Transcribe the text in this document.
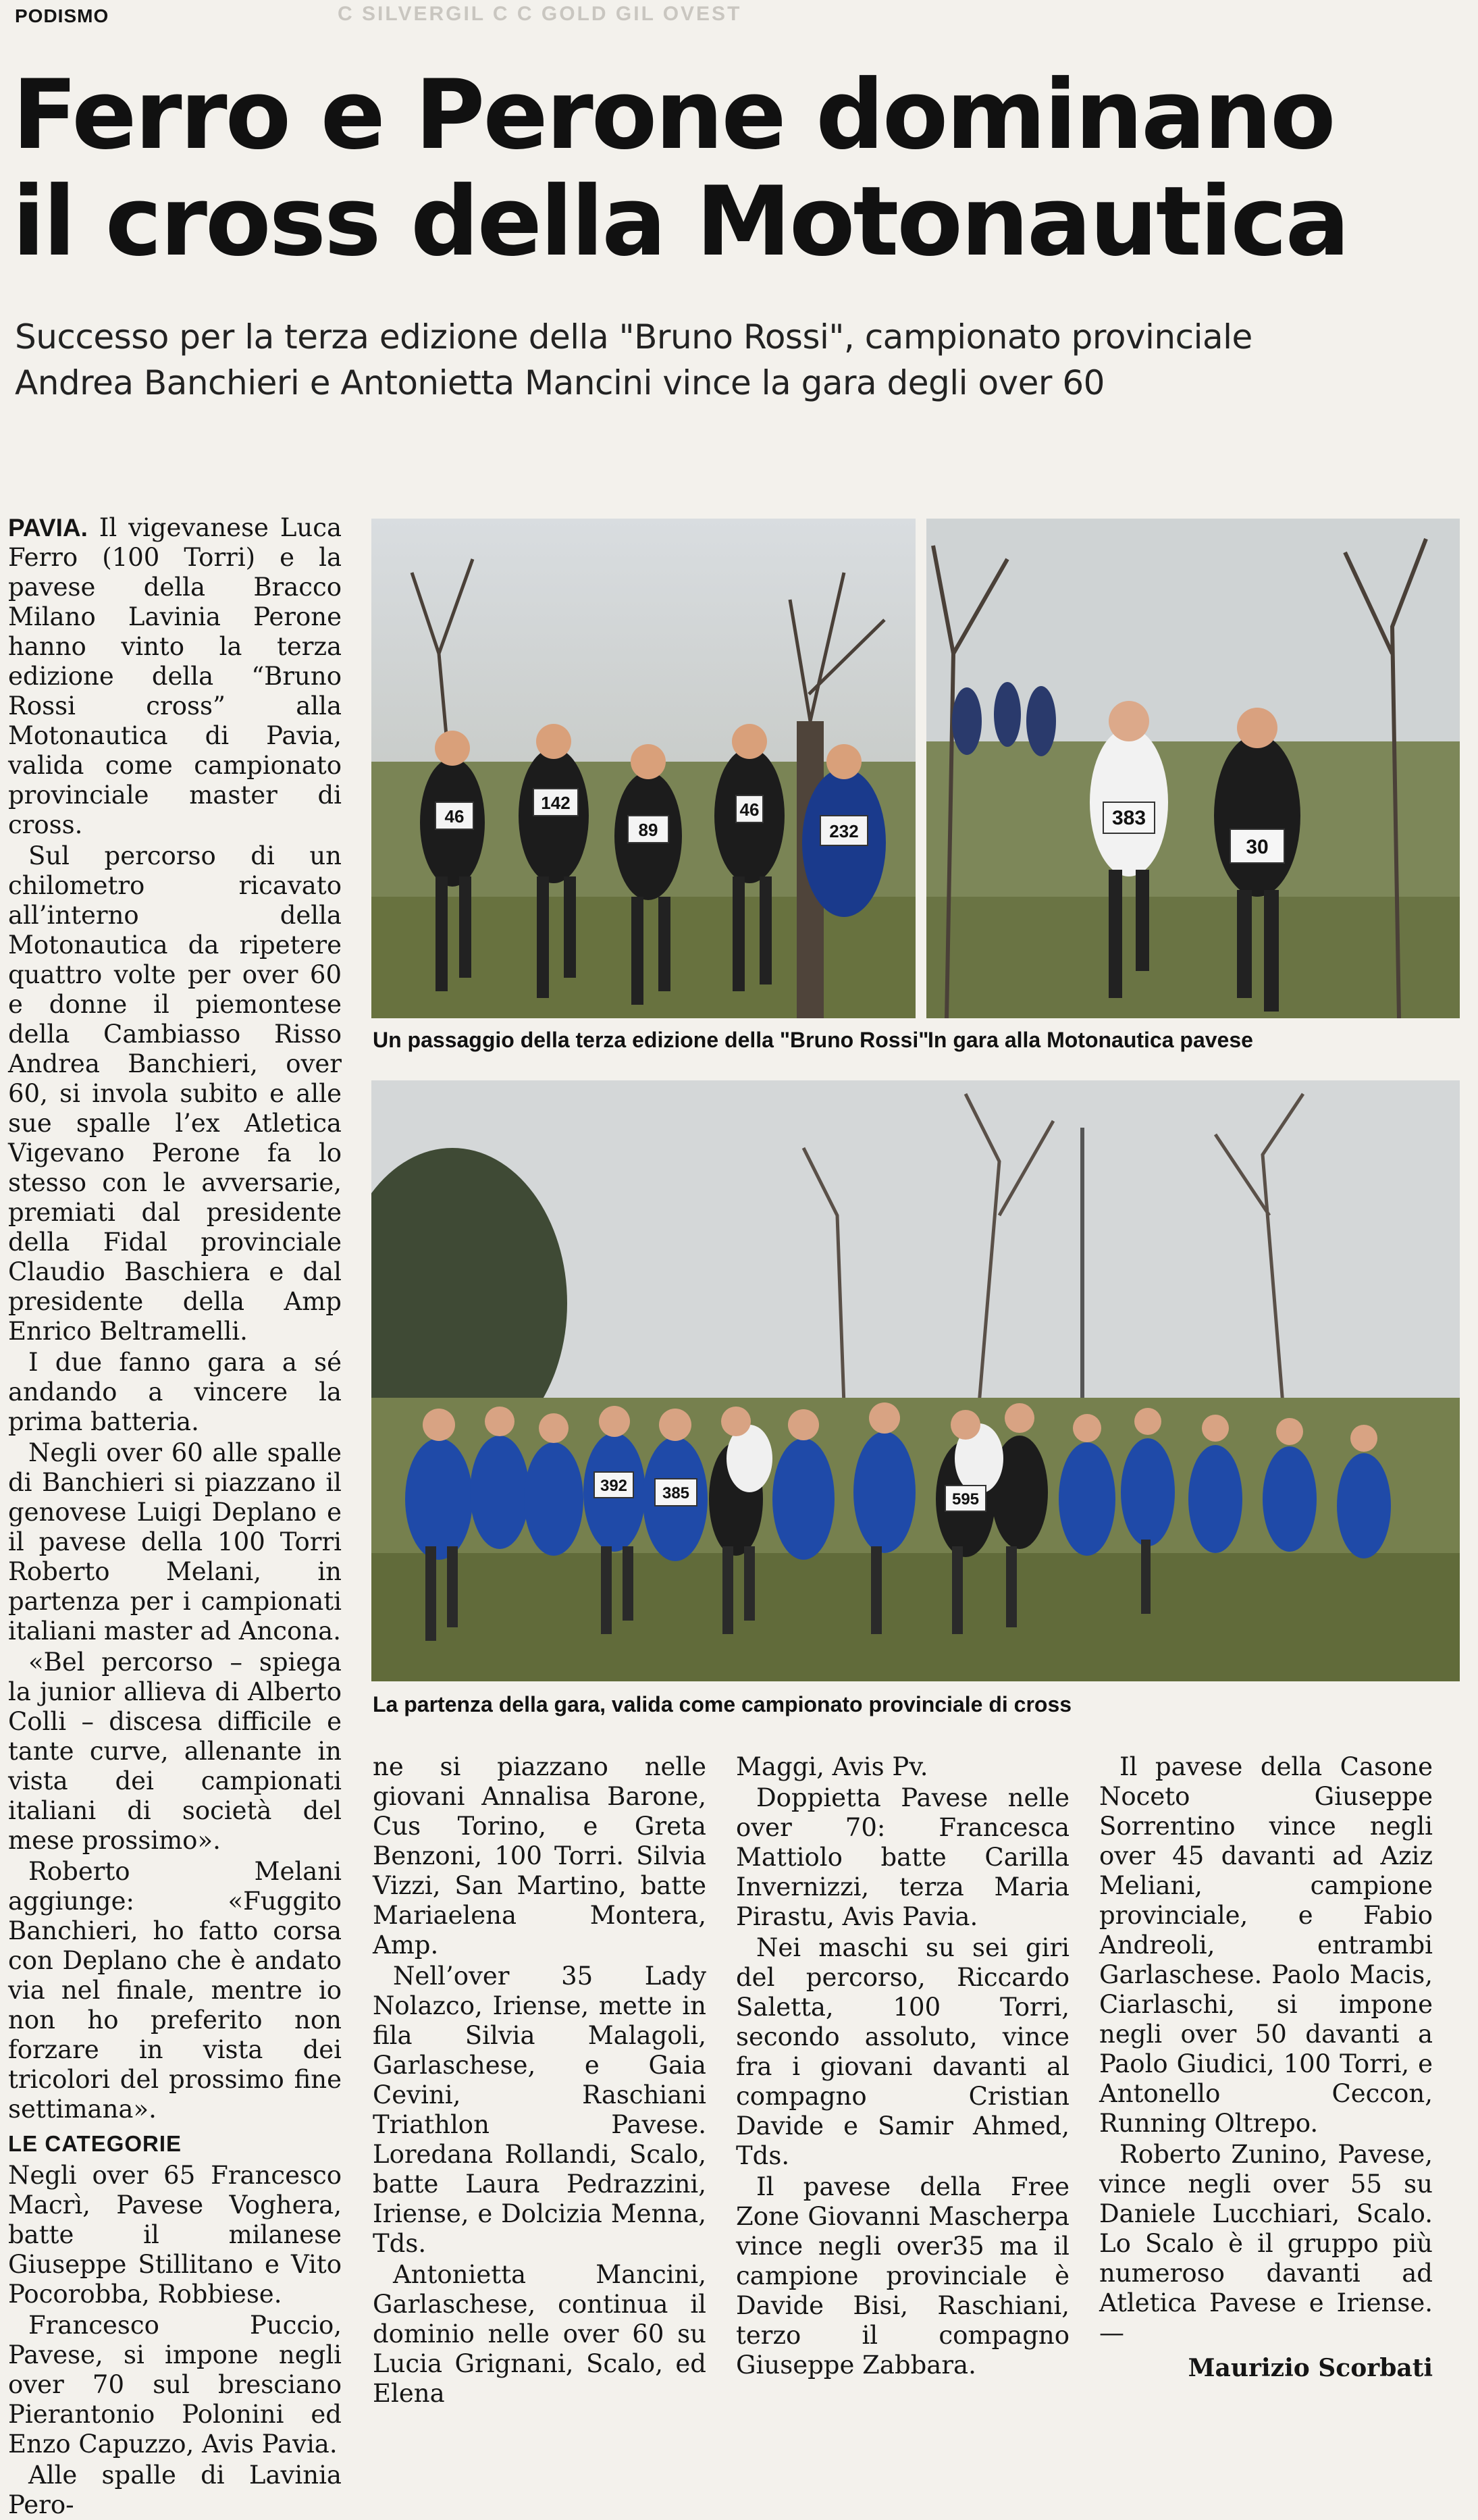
PODISMO	C SILVERGIL C C GOLD GIL OVEST
Ferro e Perone dominano
il cross della Motonautica
Successo per la terza edizione della "Bruno Rossi", campionato provinciale
Andrea Banchieri e Antonietta Mancini vince la gara degli over 60

PAVIA. Il vigevanese Luca Ferro (100 Torri) e la pavese della Bracco Milano Lavinia Perone hanno vinto la terza edizione della “Bruno Rossi cross” alla Motonautica di Pavia, valida come campionato provinciale master di cross.

Sul percorso di un chilometro ricavato all’interno della Motonautica da ripetere quattro volte per over 60 e donne il piemontese della Cambiasso Risso Andrea Banchieri, over 60, si invola subito e alle sue spalle l’ex Atletica Vigevano Perone fa lo stesso con le avversarie, premiati dal presidente della Fidal provinciale Claudio Baschiera e dal presidente della Amp Enrico Beltramelli.

I due fanno gara a sé andando a vincere la prima batteria.

Negli over 60 alle spalle di Banchieri si piazzano il genovese Luigi Deplano e il pavese della 100 Torri Roberto Melani, in partenza per i campionati italiani master ad Ancona.

«Bel percorso – spiega la junior allieva di Alberto Colli – discesa difficile e tante curve, allenante in vista dei campionati italiani di società del mese prossimo».

Roberto Melani aggiunge: «Fuggito Banchieri, ho fatto corsa con Deplano che è andato via nel finale, mentre io non ho preferito non forzare in vista dei tricolori del prossimo fine settimana».

LE CATEGORIE

Negli over 65 Francesco Macrì, Pavese Voghera, batte il milanese Giuseppe Stillitano e Vito Pocorobba, Robbiese.

Francesco Puccio, Pavese, si impone negli over 70 sul bresciano Pierantonio Polonini ed Enzo Capuzzo, Avis Pavia.

Alle spalle di Lavinia Pero-

46
142
89
46
232
383
30
Un passaggio della terza edizione della "Bruno Rossi"
In gara alla Motonautica pavese
385
392
595
La partenza della gara, valida come campionato provinciale di cross

ne si piazzano nelle giovani Annalisa Barone, Cus Torino, e Greta Benzoni, 100 Torri. Silvia Vizzi, San Martino, batte Mariaelena Montera, Amp.

Nell’over 35 Lady Nolazco, Iriense, mette in fila Silvia Malagoli, Garlaschese, e Gaia Cevini, Raschiani Triathlon Pavese. Loredana Rollandi, Scalo, batte Laura Pedrazzini, Iriense, e Dolcizia Menna, Tds.

Antonietta Mancini, Garlaschese, continua il dominio nelle over 60 su Lucia Grignani, Scalo, ed Elena

Maggi, Avis Pv.

Doppietta Pavese nelle over 70: Francesca Mattiolo batte Carilla Invernizzi, terza Maria Pirastu, Avis Pavia.

Nei maschi su sei giri del percorso, Riccardo Saletta, 100 Torri, secondo assoluto, vince fra i giovani davanti al compagno Cristian Davide e Samir Ahmed, Tds.

Il pavese della Free Zone Giovanni Mascherpa vince negli over35 ma il campione provinciale è Davide Bisi, Raschiani, terzo il compagno Giuseppe Zabbara.

Il pavese della Casone Noceto Giuseppe Sorrentino vince negli over 45 davanti ad Aziz Meliani, campione provinciale, e Fabio Andreoli, entrambi Garlaschese. Paolo Macis, Ciarlaschi, si impone negli over 50 davanti a Paolo Giudici, 100 Torri, e Antonello Ceccon, Running Oltrepo.

Roberto Zunino, Pavese, vince negli over 55 su Daniele Lucchiari, Scalo. Lo Scalo è il gruppo più numeroso davanti ad Atletica Pavese e Iriense. —

Maurizio Scorbati
